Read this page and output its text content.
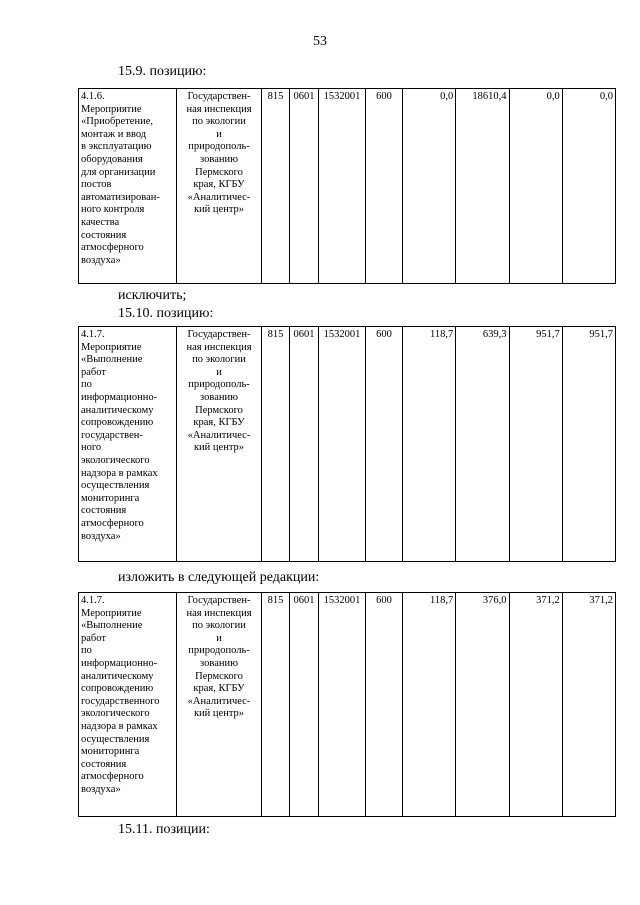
53
15.9. позицию:
4.1.6.
Мероприятие
«Приобретение,
монтаж и ввод
в эксплуатацию
оборудования
для организации
постов
автоматизирован-
ного контроля
качества
состояния
атмосферного
воздуха»	Государствен-
ная инспекция
по экологии
и
природополь-
зованию
Пермского
края, КГБУ
«Аналитичес-
кий центр»	815	0601	1532001	600	0,0	18610,4	0,0	0,0
исключить;
15.10. позицию:
4.1.7.
Мероприятие
«Выполнение
работ
по
информационно-
аналитическому
сопровождению
государствен-
ного
экологического
надзора в рамках
осуществления
мониторинга
состояния
атмосферного
воздуха»	Государствен-
ная инспекция
по экологии
и
природополь-
зованию
Пермского
края, КГБУ
«Аналитичес-
кий центр»	815	0601	1532001	600	118,7	639,3	951,7	951,7
изложить в следующей редакции:
4.1.7.
Мероприятие
«Выполнение
работ
по
информационно-
аналитическому
сопровождению
государственного
экологического
надзора в рамках
осуществления
мониторинга
состояния
атмосферного
воздуха»	Государствен-
ная инспекция
по экологии
и
природополь-
зованию
Пермского
края, КГБУ
«Аналитичес-
кий центр»	815	0601	1532001	600	118,7	376,0	371,2	371,2
15.11. позиции:
